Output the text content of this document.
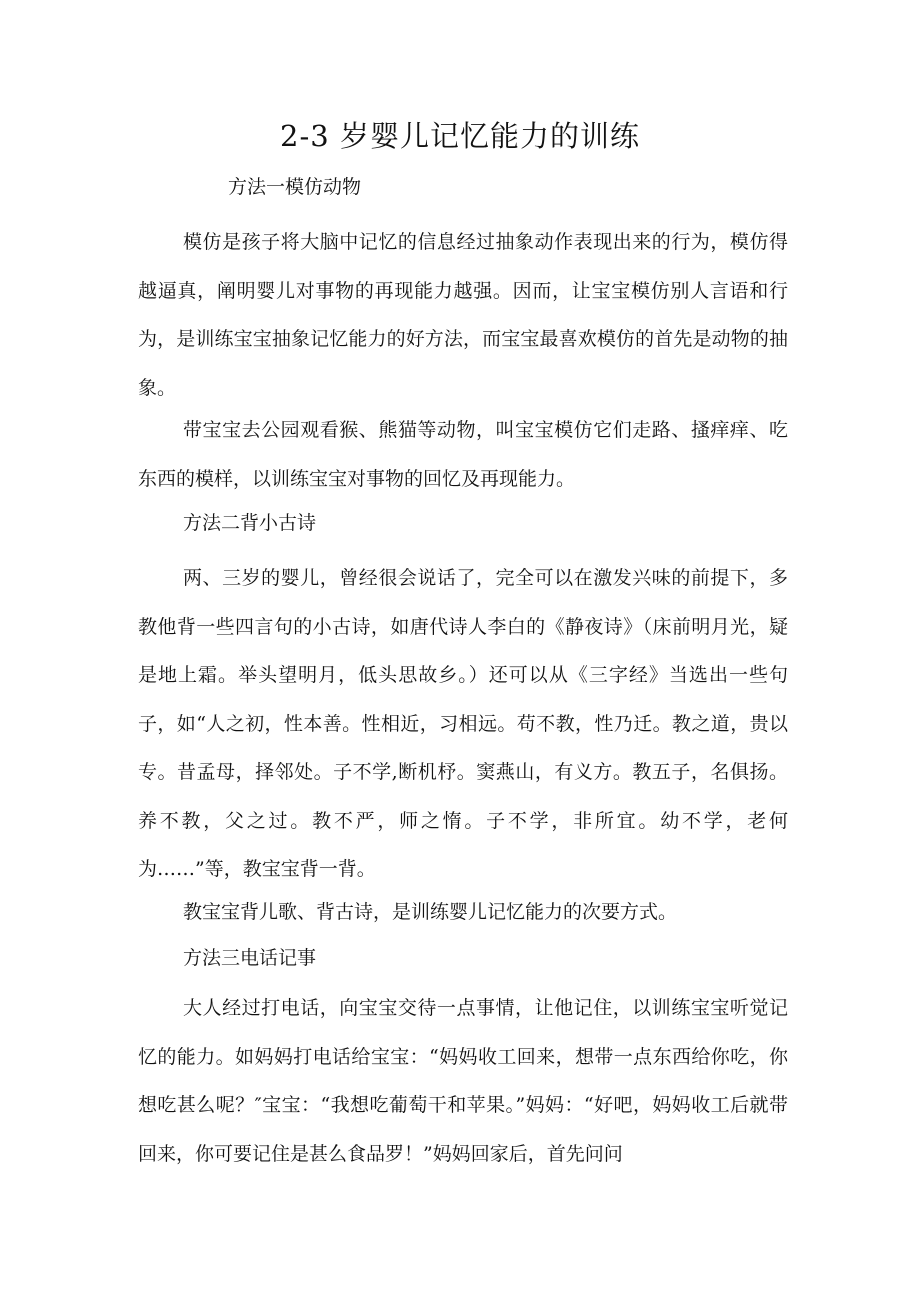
2-3 岁婴儿记忆能力的训练
方法一模仿动物

模仿是孩子将大脑中记忆的信息经过抽象动作表现出来的行为，模仿得越逼真，阐明婴儿对事物的再现能力越强。因而，让宝宝模仿别人言语和行为，是训练宝宝抽象记忆能力的好方法，而宝宝最喜欢模仿的首先是动物的抽象。

带宝宝去公园观看猴、熊猫等动物，叫宝宝模仿它们走路、搔痒痒、吃东西的模样，以训练宝宝对事物的回忆及再现能力。

方法二背小古诗

两、三岁的婴儿，曾经很会说话了，完全可以在激发兴味的前提下，多教他背一些四言句的小古诗，如唐代诗人李白的《静夜诗》（床前明月光，疑是地上霜。举头望明月，低头思故乡。）还可以从《三字经》当选出一些句子，如“人之初，性本善。性相近，习相远。苟不教，性乃迁。教之道，贵以专。昔孟母，择邻处。子不学,断机杼。窦燕山，有义方。教五子，名俱扬。养不教，父之过。教不严，师之惰。子不学，非所宜。幼不学，老何为……”等，教宝宝背一背。

教宝宝背儿歌、背古诗，是训练婴儿记忆能力的次要方式。

方法三电话记事

大人经过打电话，向宝宝交待一点事情，让他记住，以训练宝宝听觉记忆的能力。如妈妈打电话给宝宝：“妈妈收工回来，想带一点东西给你吃，你想吃甚么呢？″宝宝：“我想吃葡萄干和苹果。”妈妈：“好吧，妈妈收工后就带回来，你可要记住是甚么食品罗！”妈妈回家后，首先问问
